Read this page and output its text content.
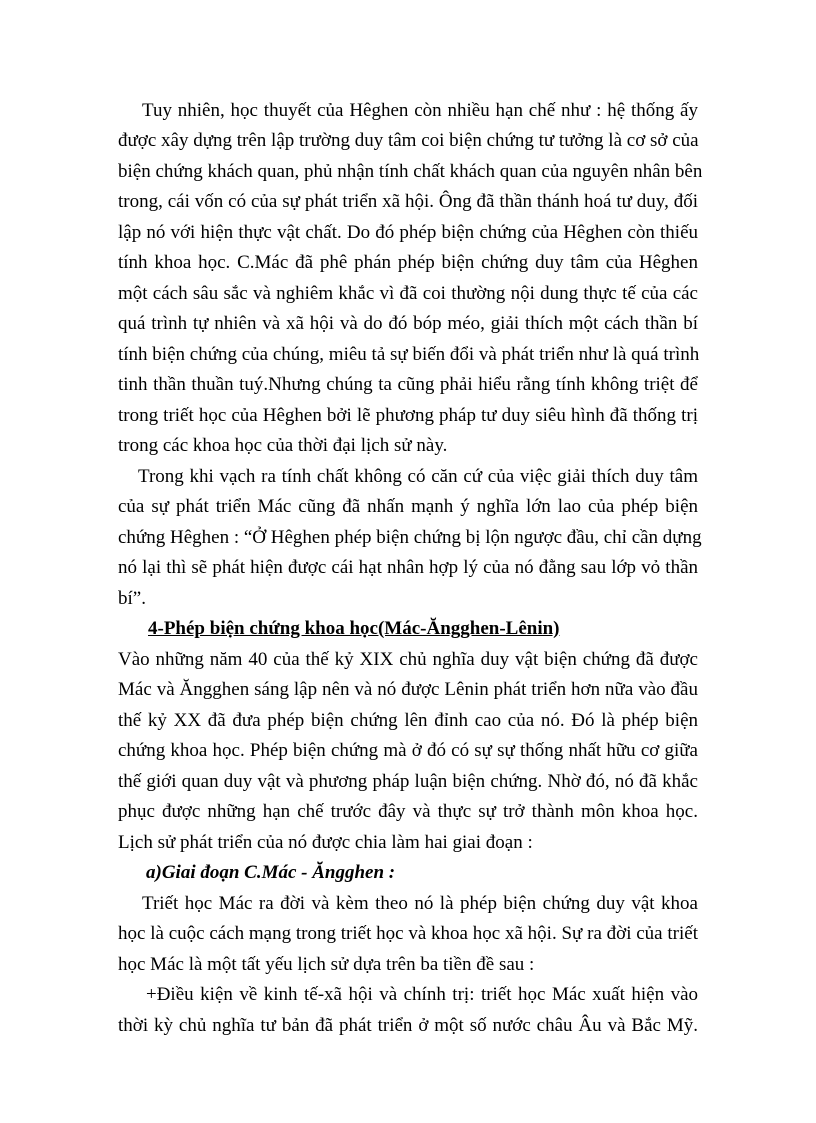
Tuy nhiên, học thuyết của Hêghen còn nhiều hạn chế như : hệ thống ấy
được xây dựng trên lập trường duy tâm coi biện chứng tư tưởng là cơ sở của
biện chứng khách quan, phủ nhận tính chất khách quan của nguyên nhân bên
trong, cái vốn có của sự phát triển xã hội. Ông đã thần thánh hoá tư duy, đối
lập nó với hiện thực vật chất. Do đó phép biện chứng của Hêghen còn thiếu
tính khoa học. C.Mác đã phê phán phép biện chứng duy tâm của Hêghen
một cách sâu sắc và nghiêm khắc vì đã coi thường nội dung thực tế của các
quá trình tự nhiên và xã hội và do đó bóp méo, giải thích một cách thần bí
tính biện chứng của chúng, miêu tả sự biến đổi và phát triển như là quá trình
tinh thần thuần tuý.Nhưng chúng ta cũng phải hiểu rằng tính không triệt để
trong triết học của Hêghen bởi lẽ phương pháp tư duy siêu hình đã thống trị
trong các khoa học của thời đại lịch sử này.
Trong khi vạch ra tính chất không có căn cứ của việc giải thích duy tâm
của sự phát triển Mác cũng đã nhấn mạnh ý nghĩa lớn lao của phép biện
chứng Hêghen : “Ở Hêghen phép biện chứng bị lộn ngược đầu, chỉ cần dựng
nó lại thì sẽ phát hiện được cái hạt nhân hợp lý của nó đằng sau lớp vỏ thần
bí”.
4-Phép biện chứng khoa học(Mác-Ăngghen-Lênin)
Vào những năm 40 của thế kỷ XIX chủ nghĩa duy vật biện chứng đã được
Mác và Ăngghen sáng lập nên và nó được Lênin phát triển hơn nữa vào đầu
thế kỷ XX đã đưa phép biện chứng lên đỉnh cao của nó. Đó là phép biện
chứng khoa học. Phép biện chứng mà ở đó có sự sự thống nhất hữu cơ giữa
thế giới quan duy vật và phương pháp luận biện chứng. Nhờ đó, nó đã khắc
phục được những hạn chế trước đây và thực sự trở thành môn khoa học.
Lịch sử phát triển của nó được chia làm hai giai đoạn :
a)Giai đoạn C.Mác - Ăngghen :
Triết học Mác ra đời và kèm theo nó là phép biện chứng duy vật khoa
học là cuộc cách mạng trong triết học và khoa học xã hội. Sự ra đời của triết
học Mác là một tất yếu lịch sử dựa trên ba tiền đề sau :
+Điều kiện về kinh tế-xã hội và chính trị: triết học Mác xuất hiện vào
thời kỳ chủ nghĩa tư bản đã phát triển ở một số nước châu Âu và Bắc Mỹ.
